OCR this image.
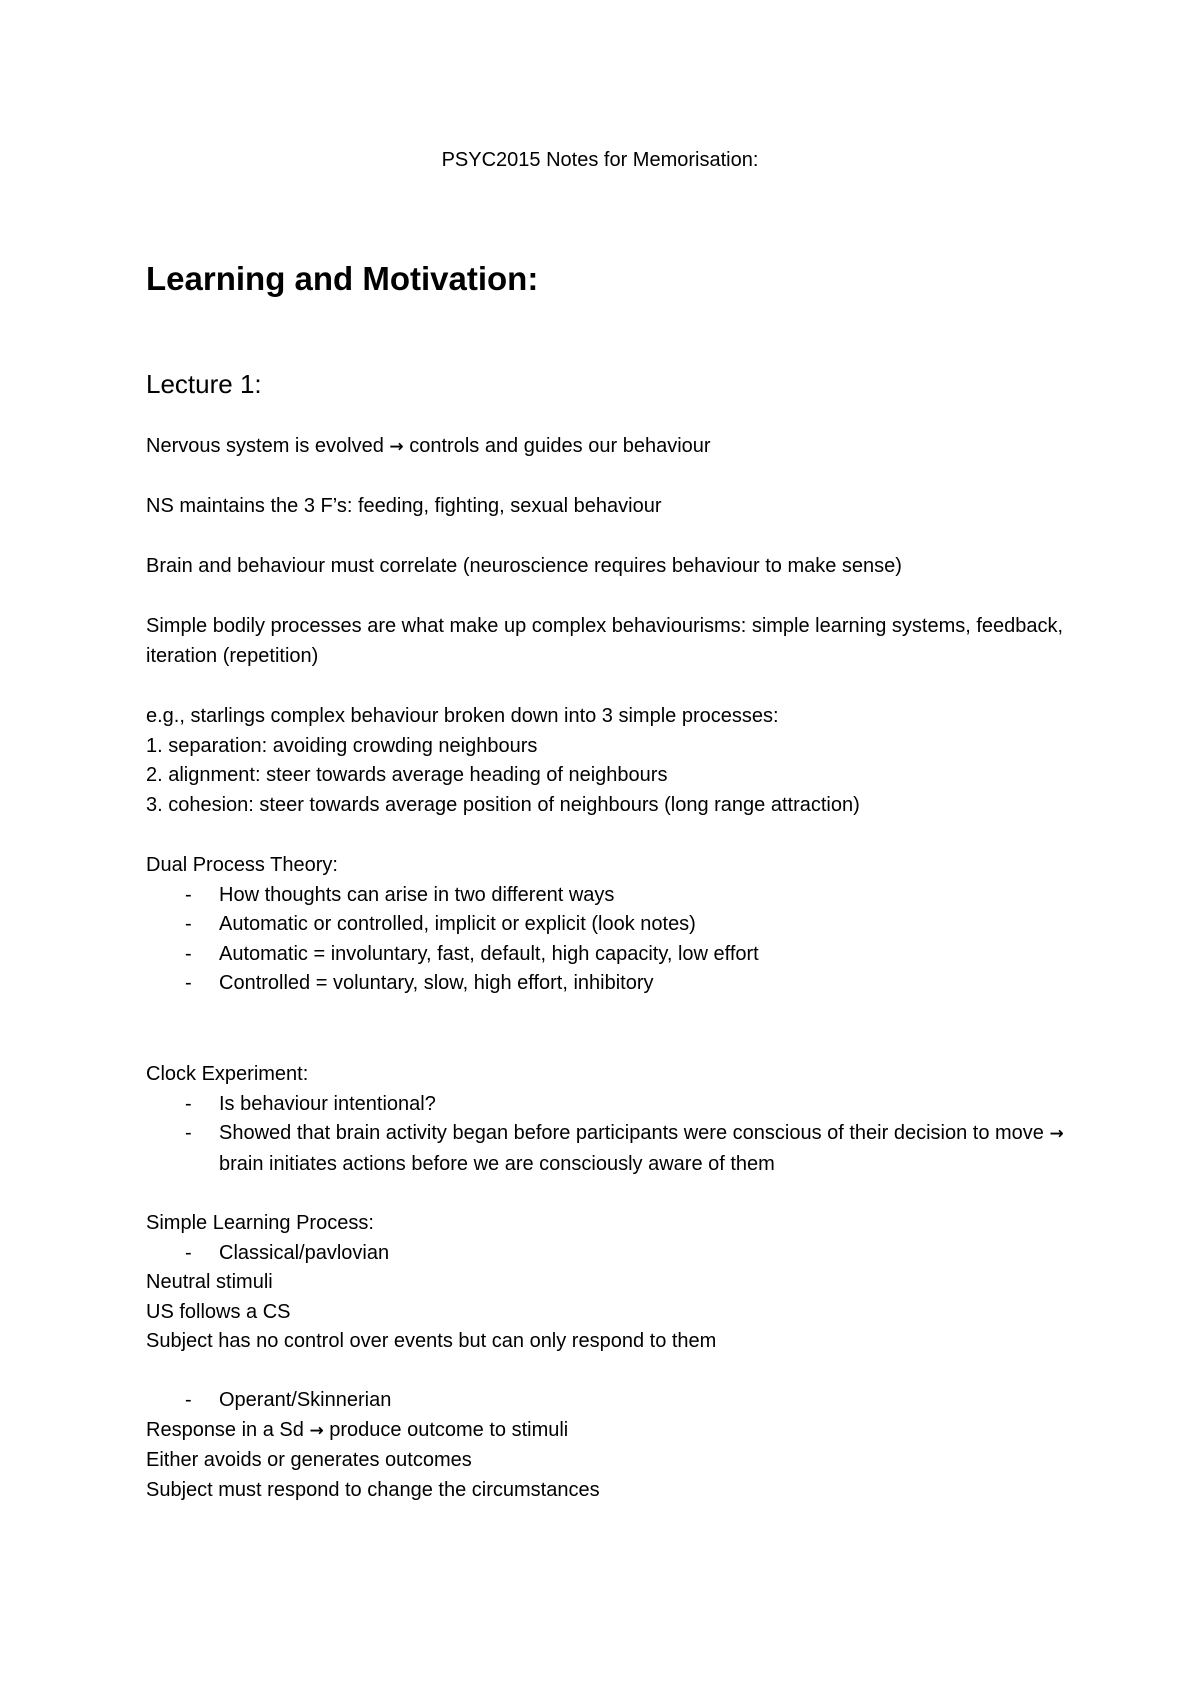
PSYC2015 Notes for Memorisation:
Learning and Motivation:
Lecture 1:

Nervous system is evolved → controls and guides our behaviour

NS maintains the 3 F’s: feeding, fighting, sexual behaviour

Brain and behaviour must correlate (neuroscience requires behaviour to make sense)

Simple bodily processes are what make up complex behaviourisms: simple learning systems, feedback, iteration (repetition)

e.g., starlings complex behaviour broken down into 3 simple processes:

1. separation: avoiding crowding neighbours

2. alignment: steer towards average heading of neighbours

3. cohesion: steer towards average position of neighbours (long range attraction)

Dual Process Theory:

- How thoughts can arise in two different ways
- Automatic or controlled, implicit or explicit (look notes)
- Automatic = involuntary, fast, default, high capacity, low effort
- Controlled = voluntary, slow, high effort, inhibitory

Clock Experiment:

- Is behaviour intentional?
- Showed that brain activity began before participants were conscious of their decision to move → brain initiates actions before we are consciously aware of them

Simple Learning Process:

- Classical/pavlovian

Neutral stimuli

US follows a CS

Subject has no control over events but can only respond to them

- Operant/Skinnerian

Response in a Sd → produce outcome to stimuli

Either avoids or generates outcomes

Subject must respond to change the circumstances
